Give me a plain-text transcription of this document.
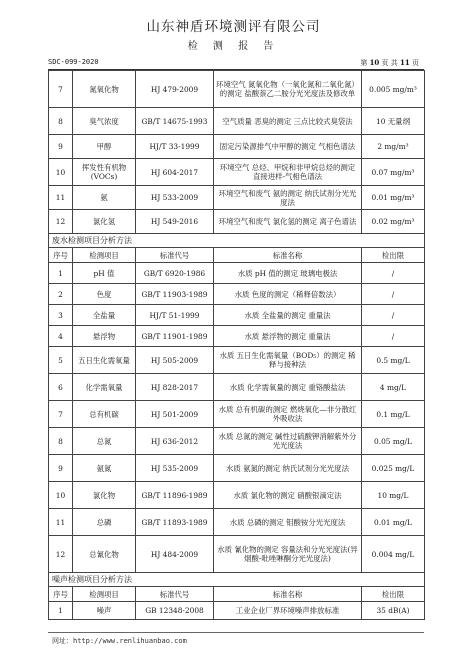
山东神盾环境测评有限公司
检 测 报 告
SDC-099-2020	第 10 页 共 11 页
7	氮氧化物	HJ 479-2009	环境空气 氮氧化物（一氧化氮和二氧化氮）的测定 盐酸萘乙二胺分光光度法及修改单	0.005 mg/m³
8	臭气浓度	GB/T 14675-1993	空气质量 恶臭的测定 三点比较式臭袋法	10 无量纲
9	甲醇	HJ/T 33-1999	固定污染源排气中甲醇的测定 气相色谱法	2 mg/m³
10	挥发性有机物(VOCs)	HJ 604-2017	环境空气 总烃、甲烷和非甲烷总烃的测定 直接进样-气相色谱法	0.07 mg/m³
11	氨	HJ 533-2009	环境空气和废气 氨的测定 纳氏试剂分光光度法	0.01 mg/m³
12	氯化氢	HJ 549-2016	环境空气和废气 氯化氢的测定 离子色谱法	0.02 mg/m³
废水检测项目分析方法				
序号	检测项目	标准代号	标准名称	检出限
1	pH 值	GB/T 6920-1986	水质 pH 值的测定 玻璃电极法	/
2	色度	GB/T 11903-1989	水质 色度的测定（稀释倍数法）	/
3	全盐量	HJ/T 51-1999	水质 全盐量的测定 重量法	/
4	悬浮物	GB/T 11901-1989	水质 悬浮物的测定 重量法	/
5	五日生化需氧量	HJ 505-2009	水质 五日生化需氧量（BOD₅）的测定 稀释与接种法	0.5 mg/L
6	化学需氧量	HJ 828-2017	水质 化学需氧量的测定 重铬酸盐法	4 mg/L
7	总有机碳	HJ 501-2009	水质 总有机碳的测定 燃烧氧化—非分散红外吸收法	0.1 mg/L
8	总氮	HJ 636-2012	水质 总氮的测定 碱性过硫酸钾消解紫外分光光度法	0.05 mg/L
9	氨氮	HJ 535-2009	水质 氨氮的测定 纳氏试剂分光光度法	0.025 mg/L
10	氯化物	GB/T 11896-1989	水质 氯化物的测定 硝酸银滴定法	10 mg/L
11	总磷	GB/T 11893-1989	水质 总磷的测定 钼酸铵分光光度法	0.01 mg/L
12	总氰化物	HJ 484-2009	水质 氰化物的测定 容量法和分光光度法(异烟酸-吡唑啉酮分光光度法)	0.004 mg/L
噪声检测项目分析方法				
序号	检测项目	标准代号	标准名称	检出限
1	噪声	GB 12348-2008	工业企业厂界环境噪声排放标准	35 dB(A)
网址：http://www.renlihuanbao.com
